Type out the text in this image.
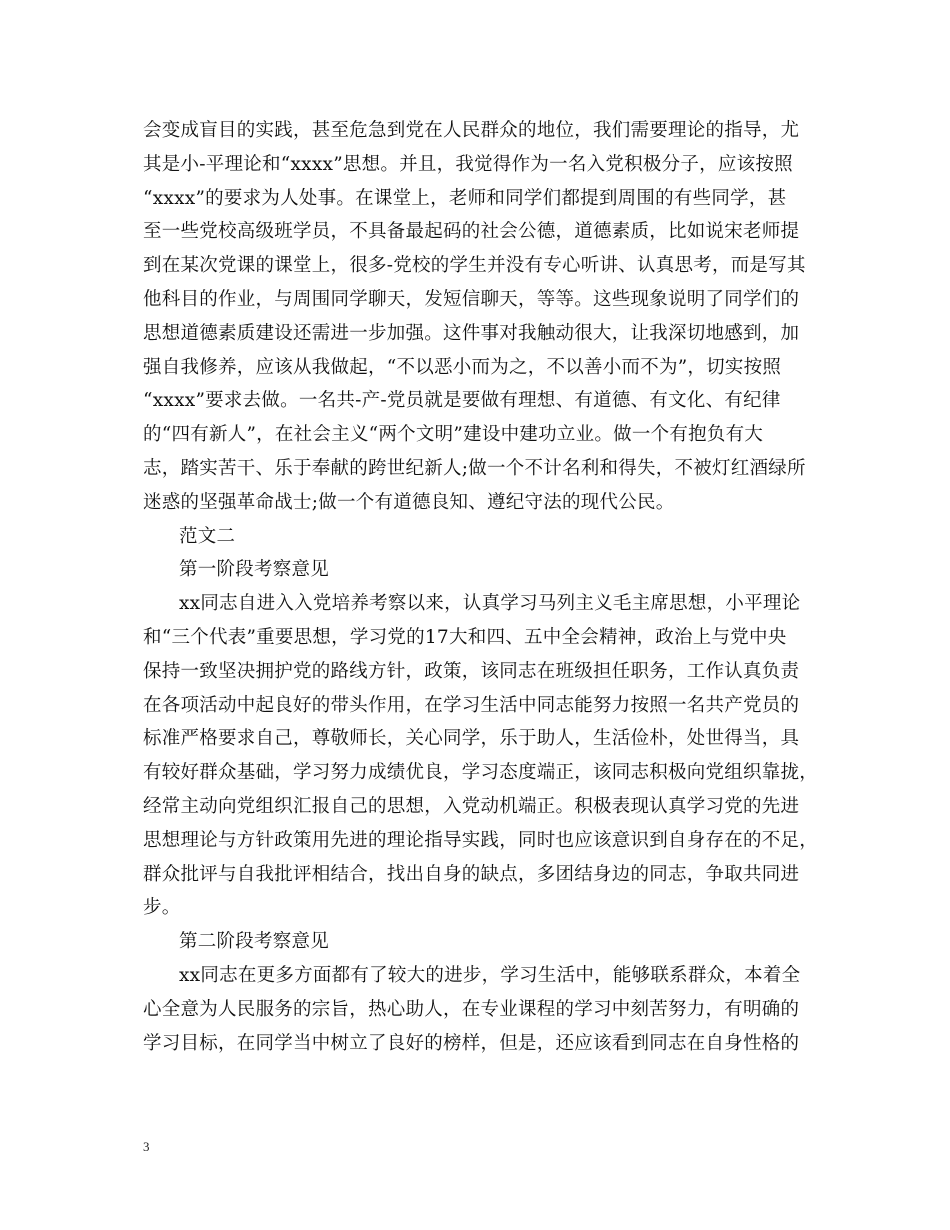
会变成盲目的实践，甚至危急到党在人民群众的地位，我们需要理论的指导，尤
其是小-平理论和“xxxx”思想。并且，我觉得作为一名入党积极分子，应该按照
“xxxx”的要求为人处事。在课堂上，老师和同学们都提到周围的有些同学，甚
至一些党校高级班学员，不具备最起码的社会公德，道德素质，比如说宋老师提
到在某次党课的课堂上，很多-党校的学生并没有专心听讲、认真思考，而是写其
他科目的作业，与周围同学聊天，发短信聊天，等等。这些现象说明了同学们的
思想道德素质建设还需进一步加强。这件事对我触动很大，让我深切地感到，加
强自我修养，应该从我做起，“不以恶小而为之，不以善小而不为”，切实按照
“xxxx”要求去做。一名共-产-党员就是要做有理想、有道德、有文化、有纪律
的“四有新人”，在社会主义“两个文明”建设中建功立业。做一个有抱负有大
志，踏实苦干、乐于奉献的跨世纪新人;做一个不计名利和得失，不被灯红酒绿所
迷惑的坚强革命战士;做一个有道德良知、遵纪守法的现代公民。
范文二
第一阶段考察意见
xx同志自进入入党培养考察以来，认真学习马列主义毛主席思想，小平理论
和“三个代表”重要思想，学习党的17大和四、五中全会精神，政治上与党中央
保持一致坚决拥护党的路线方针，政策，该同志在班级担任职务，工作认真负责
在各项活动中起良好的带头作用，在学习生活中同志能努力按照一名共产党员的
标准严格要求自己，尊敬师长，关心同学，乐于助人，生活俭朴，处世得当，具
有较好群众基础，学习努力成绩优良，学习态度端正，该同志积极向党组织靠拢，
经常主动向党组织汇报自己的思想，入党动机端正。积极表现认真学习党的先进
思想理论与方针政策用先进的理论指导实践，同时也应该意识到自身存在的不足，
群众批评与自我批评相结合，找出自身的缺点，多团结身边的同志，争取共同进
步。
第二阶段考察意见
xx同志在更多方面都有了较大的进步，学习生活中，能够联系群众，本着全
心全意为人民服务的宗旨，热心助人，在专业课程的学习中刻苦努力，有明确的
学习目标，在同学当中树立了良好的榜样，但是，还应该看到同志在自身性格的
3
